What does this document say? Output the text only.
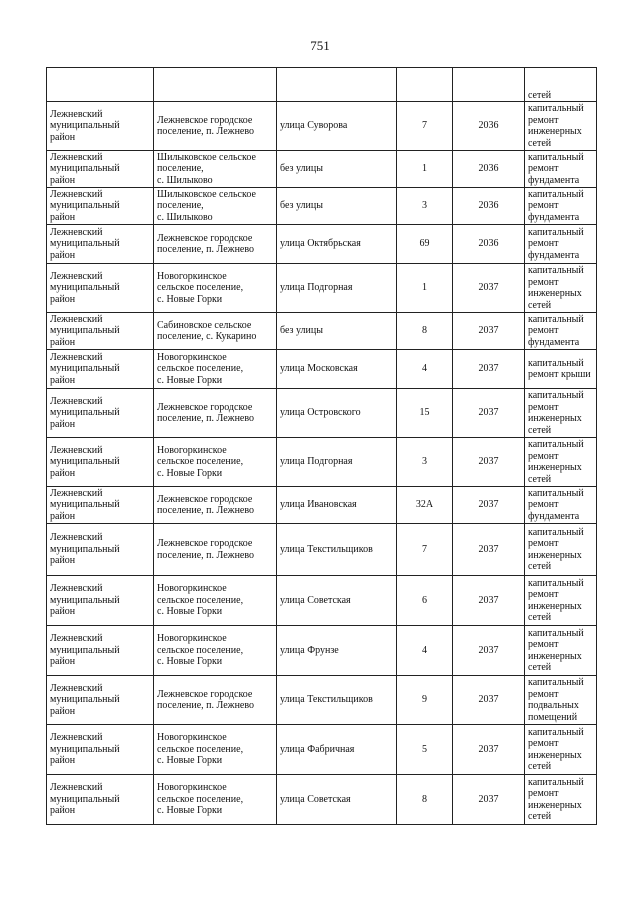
751

					сетей

Лежневский
муниципальный
район	Лежневское городское
поселение, п. Лежнево	улица Суворова	7	2036	капитальный
ремонт
инженерных
сетей

Лежневский
муниципальный
район	Шилыковское сельское
поселение,
с. Шилыково	без улицы	1	2036	капитальный
ремонт
фундамента

Лежневский
муниципальный
район	Шилыковское сельское
поселение,
с. Шилыково	без улицы	3	2036	капитальный
ремонт
фундамента

Лежневский
муниципальный
район	Лежневское городское
поселение, п. Лежнево	улица Октябрьская	69	2036	капитальный
ремонт
фундамента

Лежневский
муниципальный
район	Новогоркинское
сельское поселение,
с. Новые Горки	улица Подгорная	1	2037	капитальный
ремонт
инженерных
сетей

Лежневский
муниципальный
район	Сабиновское сельское
поселение, с. Кукарино	без улицы	8	2037	капитальный
ремонт
фундамента

Лежневский
муниципальный
район	Новогоркинское
сельское поселение,
с. Новые Горки	улица Московская	4	2037	капитальный
ремонт крыши

Лежневский
муниципальный
район	Лежневское городское
поселение, п. Лежнево	улица Островского	15	2037	капитальный
ремонт
инженерных
сетей

Лежневский
муниципальный
район	Новогоркинское
сельское поселение,
с. Новые Горки	улица Подгорная	3	2037	капитальный
ремонт
инженерных
сетей

Лежневский
муниципальный
район	Лежневское городское
поселение, п. Лежнево	улица Ивановская	32А	2037	капитальный
ремонт
фундамента

Лежневский
муниципальный
район	Лежневское городское
поселение, п. Лежнево	улица Текстильщиков	7	2037	капитальный
ремонт
инженерных
сетей

Лежневский
муниципальный
район	Новогоркинское
сельское поселение,
с. Новые Горки	улица Советская	6	2037	капитальный
ремонт
инженерных
сетей

Лежневский
муниципальный
район	Новогоркинское
сельское поселение,
с. Новые Горки	улица Фрунзе	4	2037	капитальный
ремонт
инженерных
сетей

Лежневский
муниципальный
район	Лежневское городское
поселение, п. Лежнево	улица Текстильщиков	9	2037	капитальный
ремонт
подвальных
помещений

Лежневский
муниципальный
район	Новогоркинское
сельское поселение,
с. Новые Горки	улица Фабричная	5	2037	капитальный
ремонт
инженерных
сетей

Лежневский
муниципальный
район	Новогоркинское
сельское поселение,
с. Новые Горки	улица Советская	8	2037	капитальный
ремонт
инженерных
сетей
